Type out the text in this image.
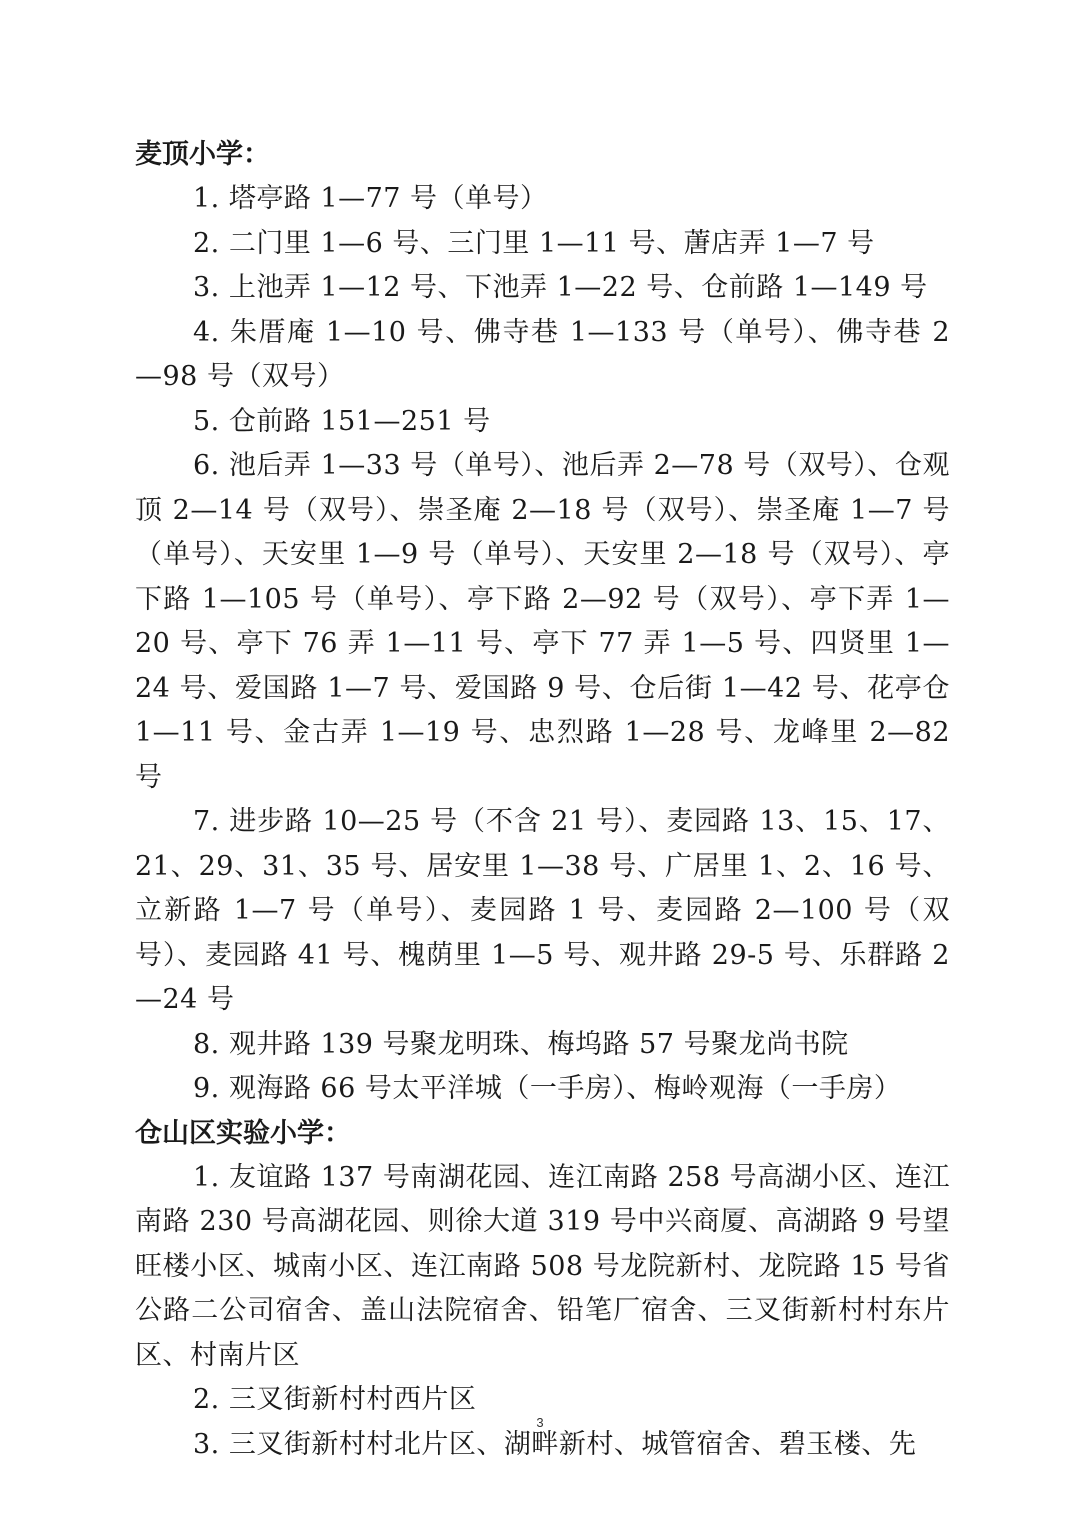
麦顶小学：

1. 塔亭路 1—77 号（单号）

2. 二门里 1—6 号、三门里 1—11 号、蓎店弄 1—7 号

3. 上池弄 1—12 号、下池弄 1—22 号、仓前路 1—149 号

4. 朱厝庵 1—10 号、佛寺巷 1—133 号（单号）、佛寺巷 2—98 号（双号）

5. 仓前路 151—251 号

6. 池后弄 1—33 号（单号）、池后弄 2—78 号（双号）、仓观顶 2—14 号（双号）、崇圣庵 2—18 号（双号）、崇圣庵 1—7 号（单号）、天安里 1—9 号（单号）、天安里 2—18 号（双号）、亭下路 1—105 号（单号）、亭下路 2—92 号（双号）、亭下弄 1—20 号、亭下 76 弄 1—11 号、亭下 77 弄 1—5 号、四贤里 1—24 号、爱国路 1—7 号、爱国路 9 号、仓后街 1—42 号、花亭仓 1—11 号、金古弄 1—19 号、忠烈路 1—28 号、龙峰里 2—82 号

7. 进步路 10—25 号（不含 21 号）、麦园路 13、15、17、21、29、31、35 号、居安里 1—38 号、广居里 1、2、16 号、立新路 1—7 号（单号）、麦园路 1 号、麦园路 2—100 号（双号）、麦园路 41 号、槐荫里 1—5 号、观井路 29-5 号、乐群路 2—24 号

8. 观井路 139 号聚龙明珠、梅坞路 57 号聚龙尚书院

9. 观海路 66 号太平洋城（一手房）、梅岭观海（一手房）

仓山区实验小学：

1. 友谊路 137 号南湖花园、连江南路 258 号高湖小区、连江南路 230 号高湖花园、则徐大道 319 号中兴商厦、高湖路 9 号望旺楼小区、城南小区、连江南路 508 号龙院新村、龙院路 15 号省公路二公司宿舍、盖山法院宿舍、铅笔厂宿舍、三叉街新村村东片区、村南片区

2. 三叉街新村村西片区

3. 三叉街新村村北片区、湖畔新村、城管宿舍、碧玉楼、先

3
